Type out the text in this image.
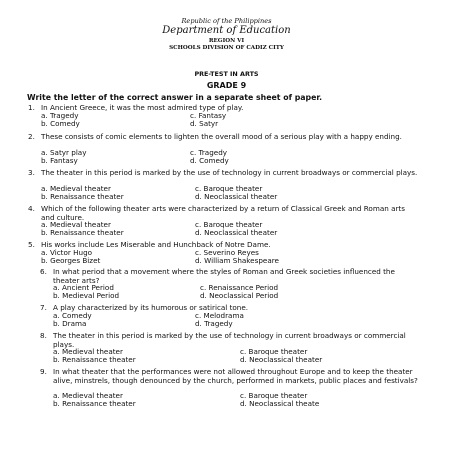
Republic of the Philippines
Department of Education
REGION VI
SCHOOLS DIVISION OF CADIZ CITY
PRE-TEST IN ARTS
GRADE 9
Write the letter of the correct answer in a separate sheet of paper.
1. In Ancient Greece, it was the most admired type of play.
a. Tragedy
b. Comedy
c. Fantasy
d. Satyr
2. These consists of comic elements to lighten the overall mood of a serious play with a happy ending.
a. Satyr play
b. Fantasy
c. Tragedy
d. Comedy
3. The theater in this period is marked by the use of technology in current broadways or commercial plays.
a. Medieval theater
b. Renaissance theater
c. Baroque theater
d. Neoclassical theater
4. Which of the following theater arts were characterized by a return of Classical Greek and Roman arts and culture.
a. Medieval theater
b. Renaissance theater
c. Baroque theater
d. Neoclassical theater
5. His works include Les Miserable and Hunchback of Notre Dame.
a. Victor Hugo
b. Georges Bizet
c. Severino Reyes
d. William Shakespeare
6. In what period that a movement where the styles of Roman and Greek societies influenced the theater arts?
a. Ancient Period
b. Medieval Period
c. Renaissance Period
d. Neoclassical Period
7. A play characterized by its humorous or satirical tone.
a. Comedy
b. Drama
c. Melodrama
d. Tragedy
8. The theater in this period is marked by the use of technology in current broadways or commercial plays.
a. Medieval theater
b. Renaissance theater
c. Baroque theater
d. Neoclassical theater
9. In what theater that the performances were not allowed throughout Europe and to keep the theater alive, minstrels, though denounced by the church, performed in markets, public places and festivals?
a. Medieval theater
b. Renaissance theater
c. Baroque theater
d. Neoclassical theate
